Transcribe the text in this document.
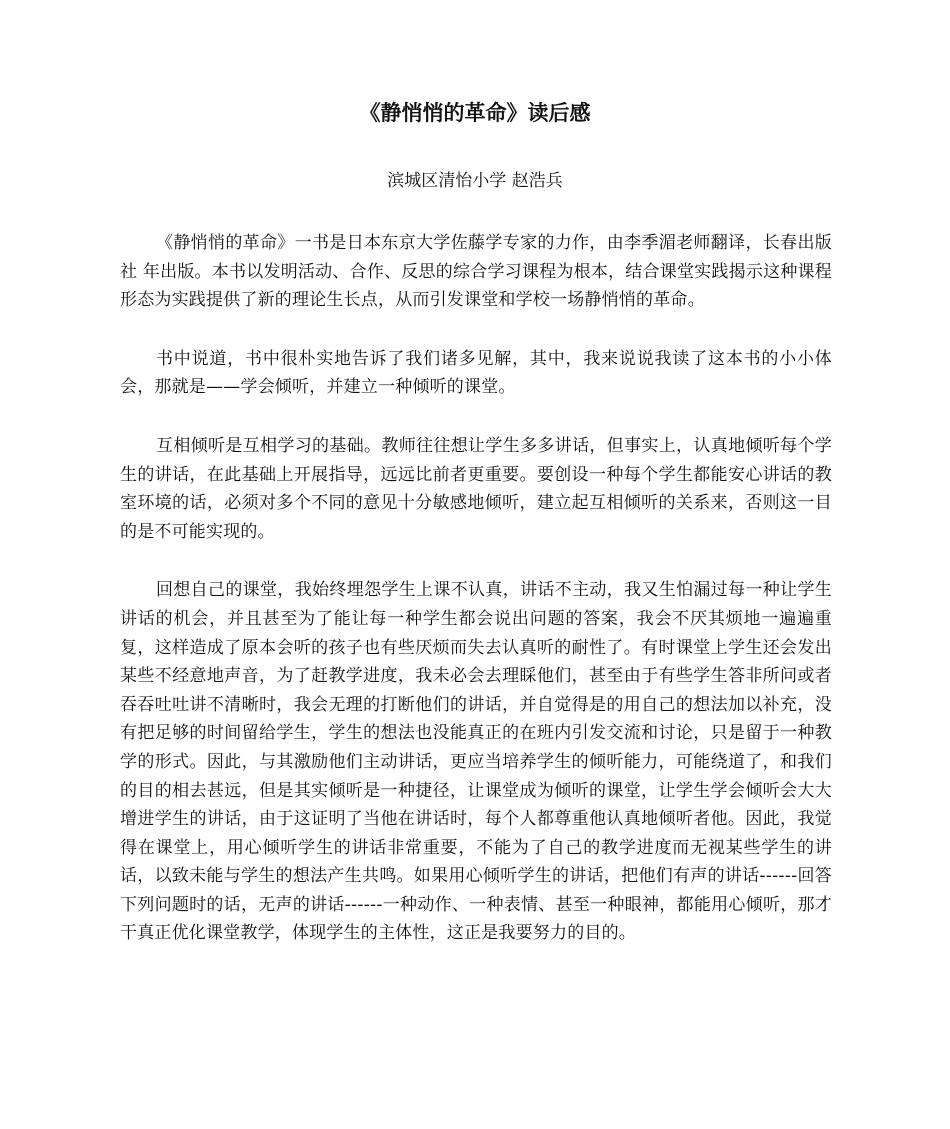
《静悄悄的革命》读后感

滨城区清怡小学 赵浩兵

《静悄悄的革命》一书是日本东京大学佐藤学专家的力作，由李季湄老师翻译，长春出版社 年出版。本书以发明活动、合作、反思的综合学习课程为根本，结合课堂实践揭示这种课程形态为实践提供了新的理论生长点，从而引发课堂和学校一场静悄悄的革命。

书中说道，书中很朴实地告诉了我们诸多见解，其中，我来说说我读了这本书的小小体会，那就是——学会倾听，并建立一种倾听的课堂。

互相倾听是互相学习的基础。教师往往想让学生多多讲话，但事实上，认真地倾听每个学生的讲话，在此基础上开展指导，远远比前者更重要。要创设一种每个学生都能安心讲话的教室环境的话，必须对多个不同的意见十分敏感地倾听，建立起互相倾听的关系来，否则这一目的是不可能实现的。

回想自己的课堂，我始终埋怨学生上课不认真，讲话不主动，我又生怕漏过每一种让学生讲话的机会，并且甚至为了能让每一种学生都会说出问题的答案，我会不厌其烦地一遍遍重复，这样造成了原本会听的孩子也有些厌烦而失去认真听的耐性了。有时课堂上学生还会发出某些不经意地声音，为了赶教学进度，我未必会去理睬他们，甚至由于有些学生答非所问或者吞吞吐吐讲不清晰时，我会无理的打断他们的讲话，并自觉得是的用自己的想法加以补充，没有把足够的时间留给学生，学生的想法也没能真正的在班内引发交流和讨论，只是留于一种教学的形式。因此，与其激励他们主动讲话，更应当培养学生的倾听能力，可能绕道了，和我们的目的相去甚远，但是其实倾听是一种捷径，让课堂成为倾听的课堂，让学生学会倾听会大大增进学生的讲话，由于这证明了当他在讲话时，每个人都尊重他认真地倾听者他。因此，我觉得在课堂上，用心倾听学生的讲话非常重要，不能为了自己的教学进度而无视某些学生的讲话，以致未能与学生的想法产生共鸣。如果用心倾听学生的讲话，把他们有声的讲话------回答下列问题时的话，无声的讲话------一种动作、一种表情、甚至一种眼神，都能用心倾听，那才干真正优化课堂教学，体现学生的主体性，这正是我要努力的目的。
